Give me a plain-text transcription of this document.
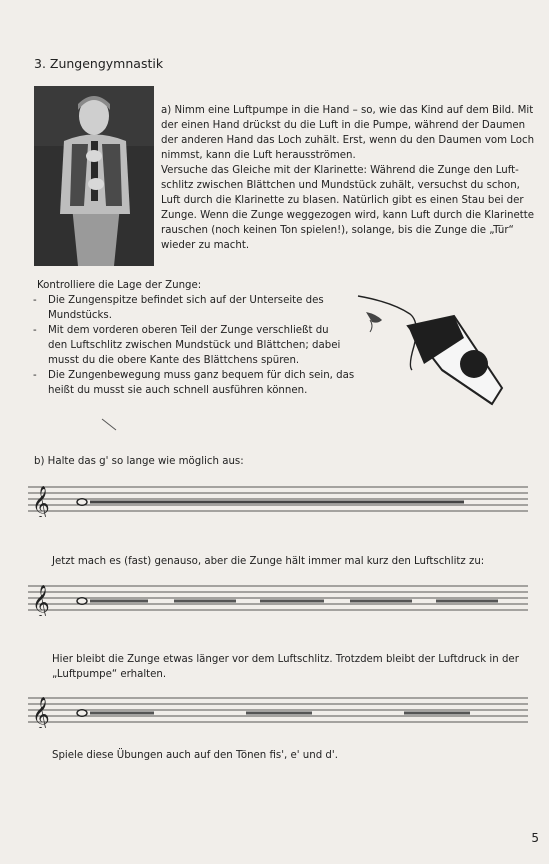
3. Zungengymnastik
a) Nimm eine Luftpumpe in die Hand – so, wie das Kind auf dem Bild. Mit
der einen Hand drückst du die Luft in die Pumpe, während der Daumen
der anderen Hand das Loch zuhält. Erst, wenn du den Daumen vom Loch
nimmst, kann die Luft herausströmen.
Versuche das Gleiche mit der Klarinette: Während die Zunge den Luft-
schlitz zwischen Blättchen und Mundstück zuhält, versuchst du schon,
Luft durch die Klarinette zu blasen. Natürlich gibt es einen Stau bei der
Zunge. Wenn die Zunge weggezogen wird, kann Luft durch die Klarinette
rauschen (noch keinen Ton spielen!), solange, bis die Zunge die „Tür“
wieder zu macht.
Kontrolliere die Lage der Zunge:
- Die Zungenspitze befindet sich auf der Unterseite des
Mundstücks.
- Mit dem vorderen oberen Teil der Zunge verschließt du
den Luftschlitz zwischen Mundstück und Blättchen; dabei
musst du die obere Kante des Blättchens spüren.
- Die Zungenbewegung muss ganz bequem für dich sein, das
heißt du musst sie auch schnell ausführen können.
b) Halte das g' so lange wie möglich aus:
𝄞
Jetzt mach es (fast) genauso, aber die Zunge hält immer mal kurz den Luftschlitz zu:
𝄞
Hier bleibt die Zunge etwas länger vor dem Luftschlitz. Trotzdem bleibt der Luftdruck in der
„Luftpumpe“ erhalten.
𝄞
Spiele diese Übungen auch auf den Tönen fis', e' und d'.
5
